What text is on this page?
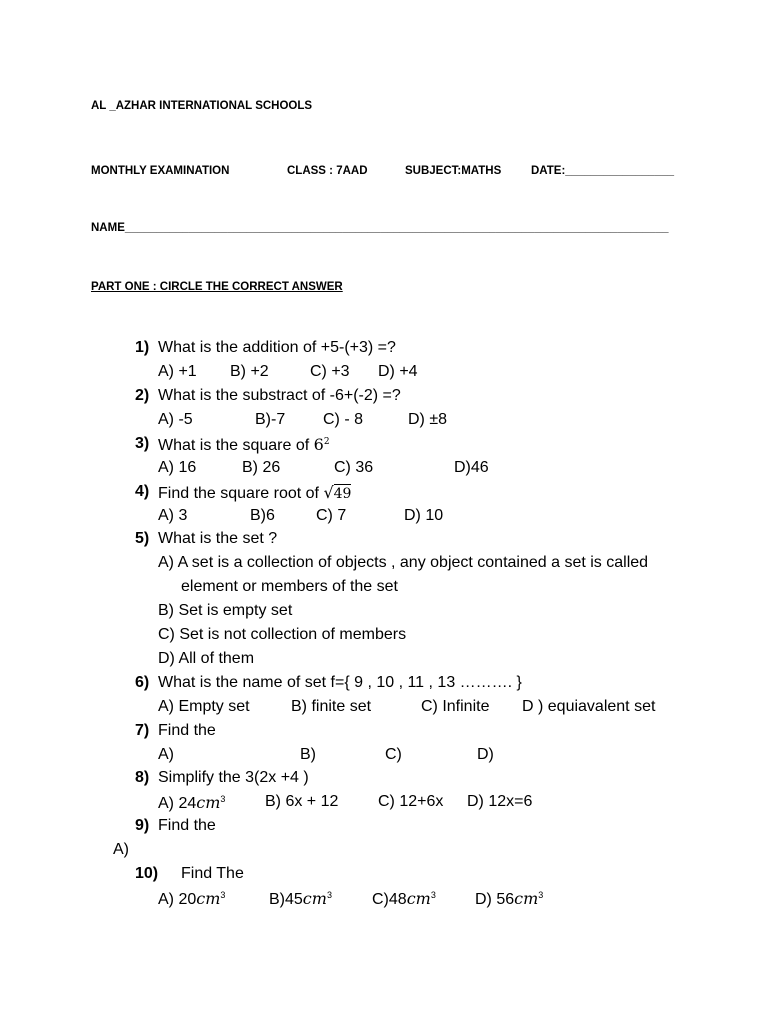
AL _AZHAR INTERNATIONAL SCHOOLS
MONTHLY EXAMINATION	CLASS : 7AAD	SUBJECT:MATHS	DATE:_________________
NAME_____________________________________________________________________________________
PART ONE : CIRCLE THE CORRECT ANSWER
1) What is the addition of +5-(+3) =?
A) +1 B) +2	C) +3 D) +4
2) What is the substract of -6+(-2) =?
A) -5	B)-7 C) - 8	D) ±8
3) What is the square of $6^2$
A) 16	B) 26	C) 36	D)46
4) Find the square root of √49
A) 3	B)6	C) 7	D) 10
5) What is the set ?
A) A set is a collection of objects , any object contained a set is called
element or members of the set
B) Set is empty set
C) Set is not collection of members
D) All of them
6) What is the name of set f={ 9 , 10 , 11 , 13 ………. }
A) Empty set	B) finite set	C) Infinite D ) equiavalent set
7) Find the
A)	B)	C)	D)
8) Simplify the 3(2x +4 )
A) $24cm^3$ B) 6x + 12 C) 12+6x D) 12x=6
9) Find the
A)
10) Find The
A) $20cm^3$	$B)45cm^3$	$C)48cm^3$ D) $56cm^3$
